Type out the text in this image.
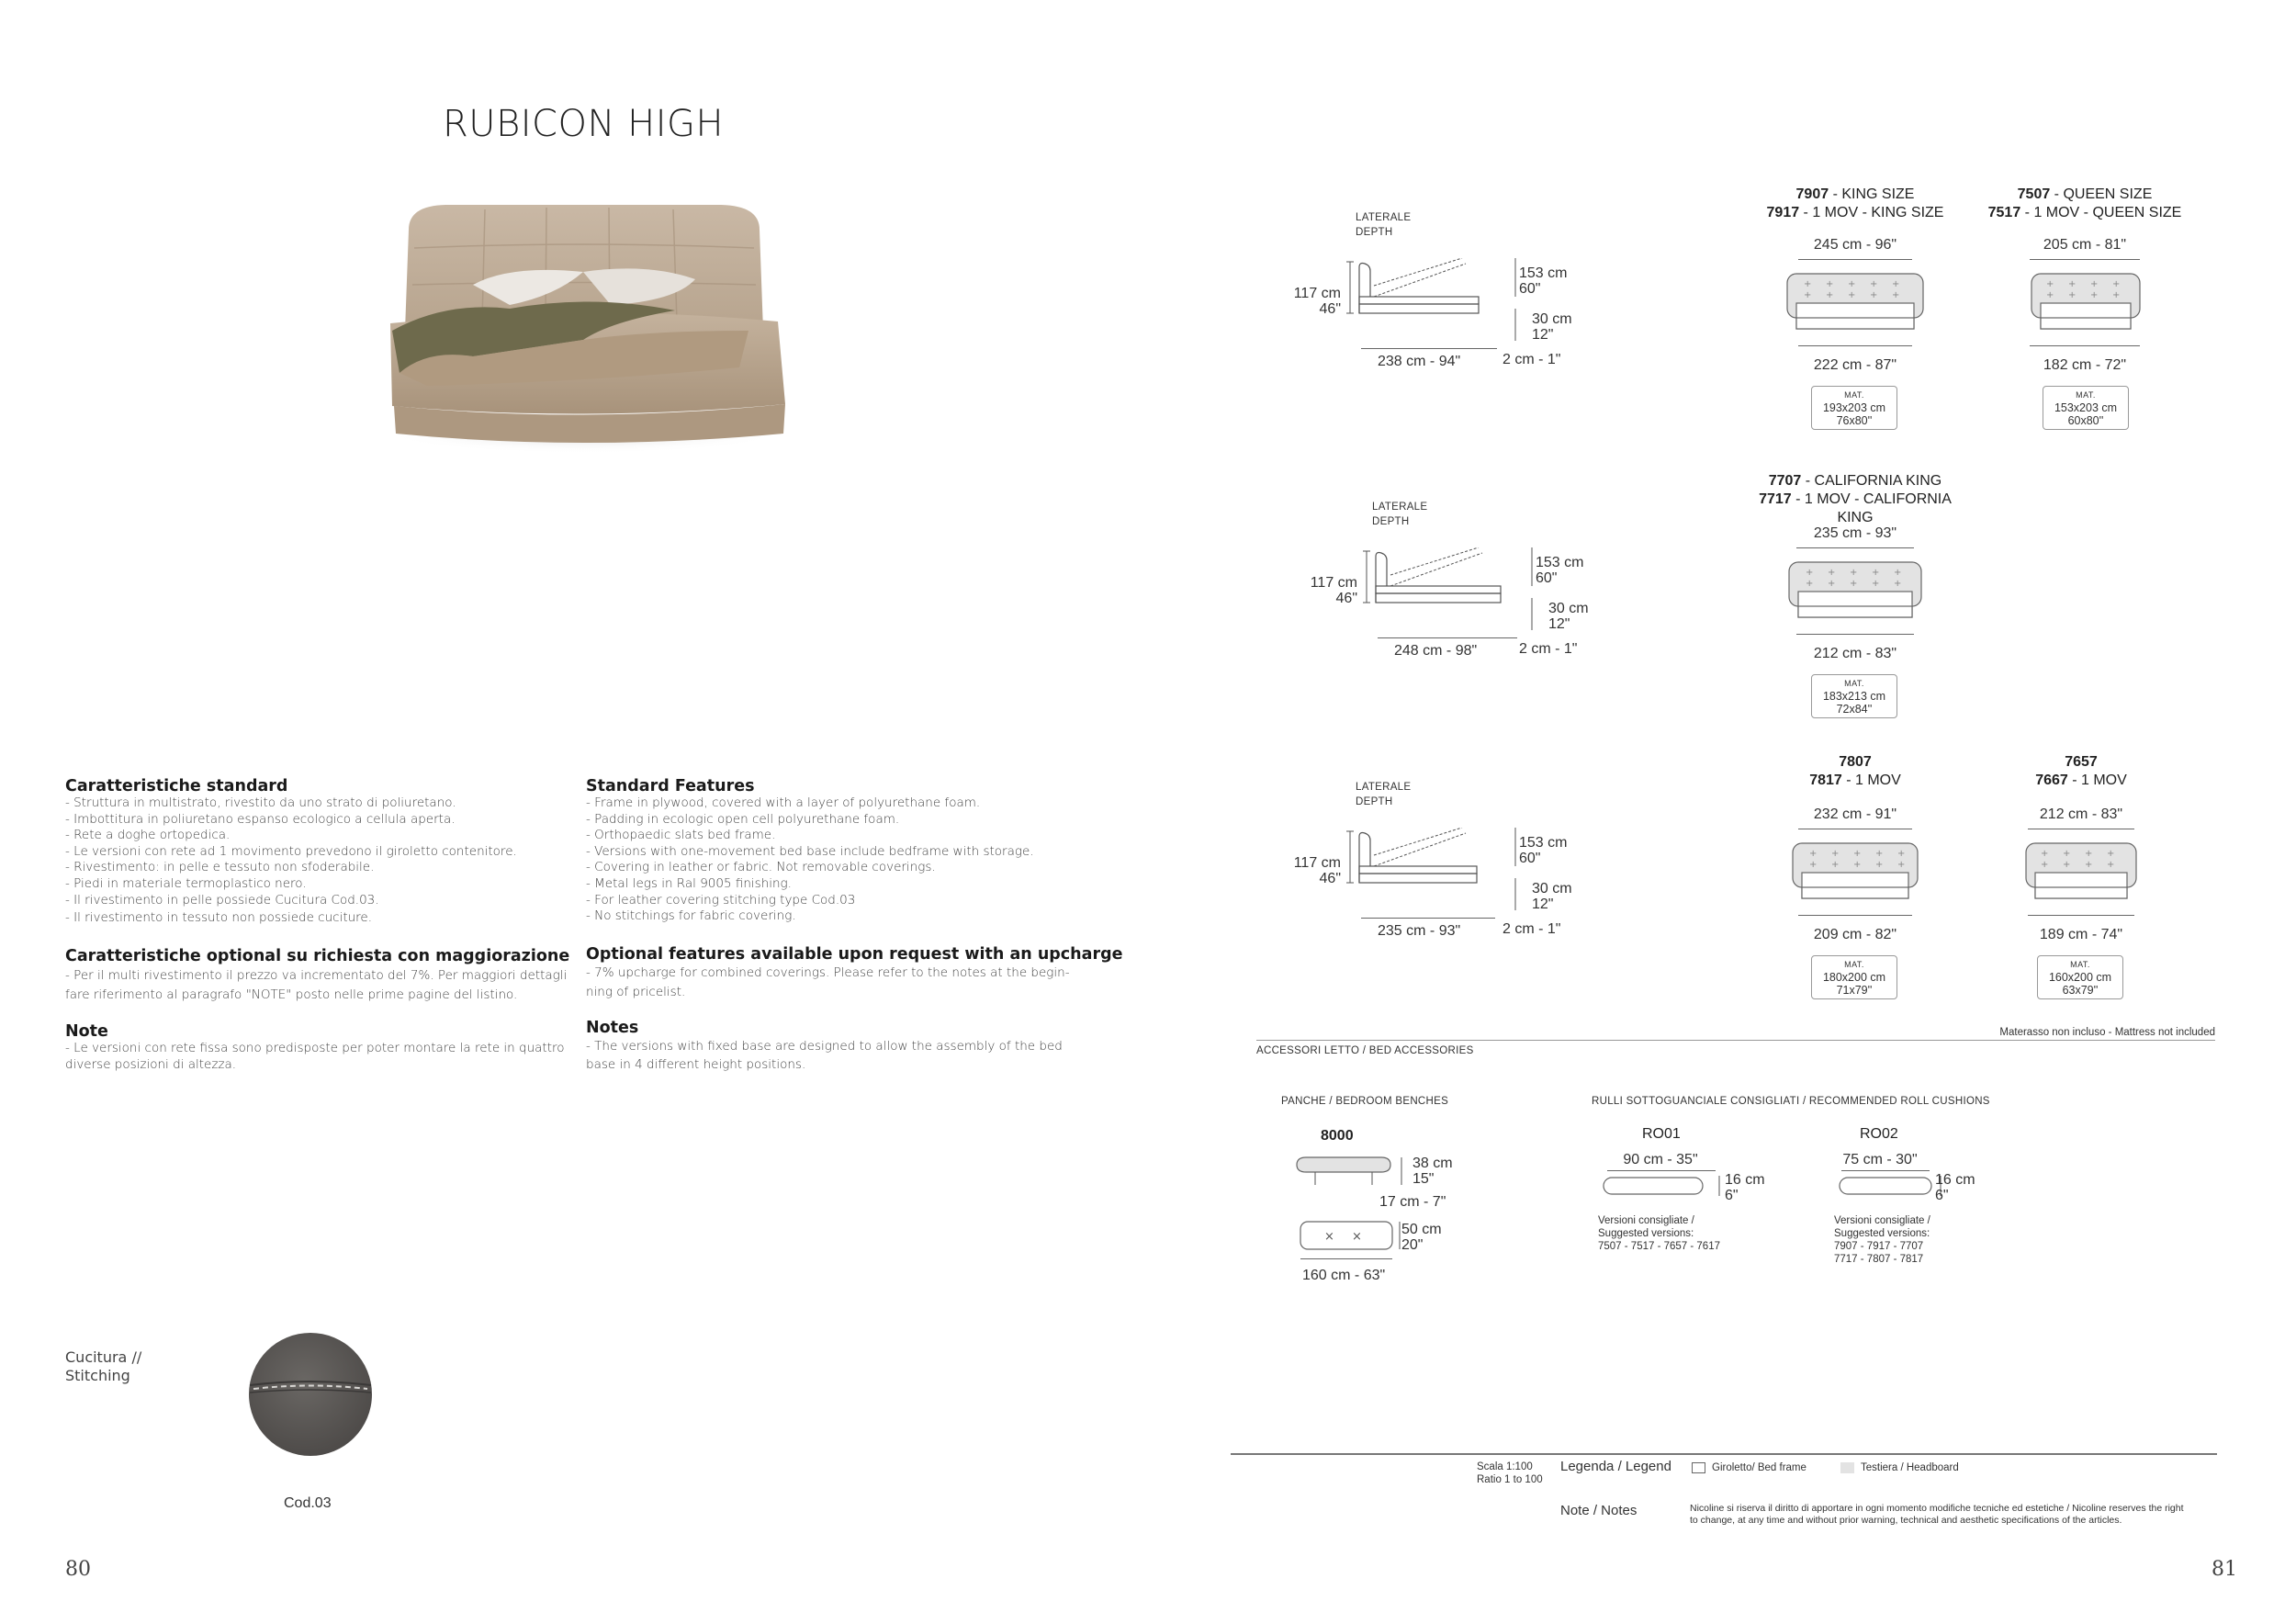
RUBICON HIGH
Caratteristiche standard
- Struttura in multistrato, rivestito da uno strato di poliuretano.
- Imbottitura in poliuretano espanso ecologico a cellula aperta.
- Rete a doghe ortopedica.
- Le versioni con rete ad 1 movimento prevedono il giroletto contenitore.
- Rivestimento: in pelle e tessuto non sfoderabile.
- Piedi in materiale termoplastico nero.
- Il rivestimento in pelle possiede Cucitura Cod.03.
- Il rivestimento in tessuto non possiede cuciture.
Caratteristiche optional su richiesta con maggiorazione
- Per il multi rivestimento il prezzo va incrementato del 7%. Per maggiori dettagli
fare riferimento al paragrafo "NOTE" posto nelle prime pagine del listino.
Note
- Le versioni con rete fissa sono predisposte per poter montare la rete in quattro
diverse posizioni di altezza.
Standard Features
- Frame in plywood, covered with a layer of polyurethane foam.
- Padding in ecologic open cell polyurethane foam.
- Orthopaedic slats bed frame.
- Versions with one-movement bed base include bedframe with storage.
- Covering in leather or fabric. Not removable coverings.
- Metal legs in Ral 9005 finishing.
- For leather covering stitching type Cod.03
- No stitchings for fabric covering.
Optional features available upon request with an upcharge
- 7% upcharge for combined coverings. Please refer to the notes at the begin-
ning of pricelist.
Notes
- The versions with fixed base are designed to allow the assembly of the bed
base in 4 different height positions.
Cucitura //
Stitching
Cod.03
80
LATERALE
DEPTH
117 cm
46"
153 cm
60"
30 cm
12"
238 cm - 94"	2 cm - 1"
LATERALE
DEPTH
117 cm
46"
153 cm
60"
30 cm
12"
248 cm - 98"	2 cm - 1"
LATERALE
DEPTH
117 cm
46"
153 cm
60"
30 cm
12"
235 cm - 93"	2 cm - 1"
7907 - KING SIZE
7917 - 1 MOV - KING SIZE
245 cm - 96"
+ + + + +
+ + + + +
222 cm - 87"
MAT.
193x203 cm
76x80''
7507 - QUEEN SIZE
7517 - 1 MOV - QUEEN SIZE
205 cm - 81"
+ + + +
+ + + +
182 cm - 72"
MAT.
153x203 cm
60x80''
7707 - CALIFORNIA KING
7717 - 1 MOV - CALIFORNIA KING
235 cm - 93"
+ + + + +
+ + + + +
212 cm - 83"
MAT.
183x213 cm
72x84''
7807
7817 - 1 MOV
232 cm - 91"
+ + + + +
+ + + + +
209 cm - 82"
MAT.
180x200 cm
71x79''
7657
7667 - 1 MOV
212 cm - 83"
+ + + +
+ + + +
189 cm - 74"
MAT.
160x200 cm
63x79''
Materasso non incluso - Mattress not included
ACCESSORI LETTO / BED ACCESSORIES
PANCHE / BEDROOM BENCHES
8000
38 cm
15"
17 cm - 7"
× ×	50 cm
20"
160 cm - 63"
RULLI SOTTOGUANCIALE CONSIGLIATI / RECOMMENDED ROLL CUSHIONS
RO01
90 cm - 35"
16 cm
6"
Versioni consigliate /
Suggested versions:
7507 - 7517 - 7657 - 7617
RO02
75 cm - 30"
16 cm
6"
Versioni consigliate /
Suggested versions:
7907 - 7917 - 7707
7717 - 7807 - 7817
Scala 1:100
Ratio 1 to 100
Legenda / Legend	Giroletto/ Bed frame	Testiera / Headboard
Note / Notes	Nicoline si riserva il diritto di apportare in ogni momento modifiche tecniche ed estetiche / Nicoline reserves the right
to change, at any time and without prior warning, technical and aesthetic specifications of the articles.
81
